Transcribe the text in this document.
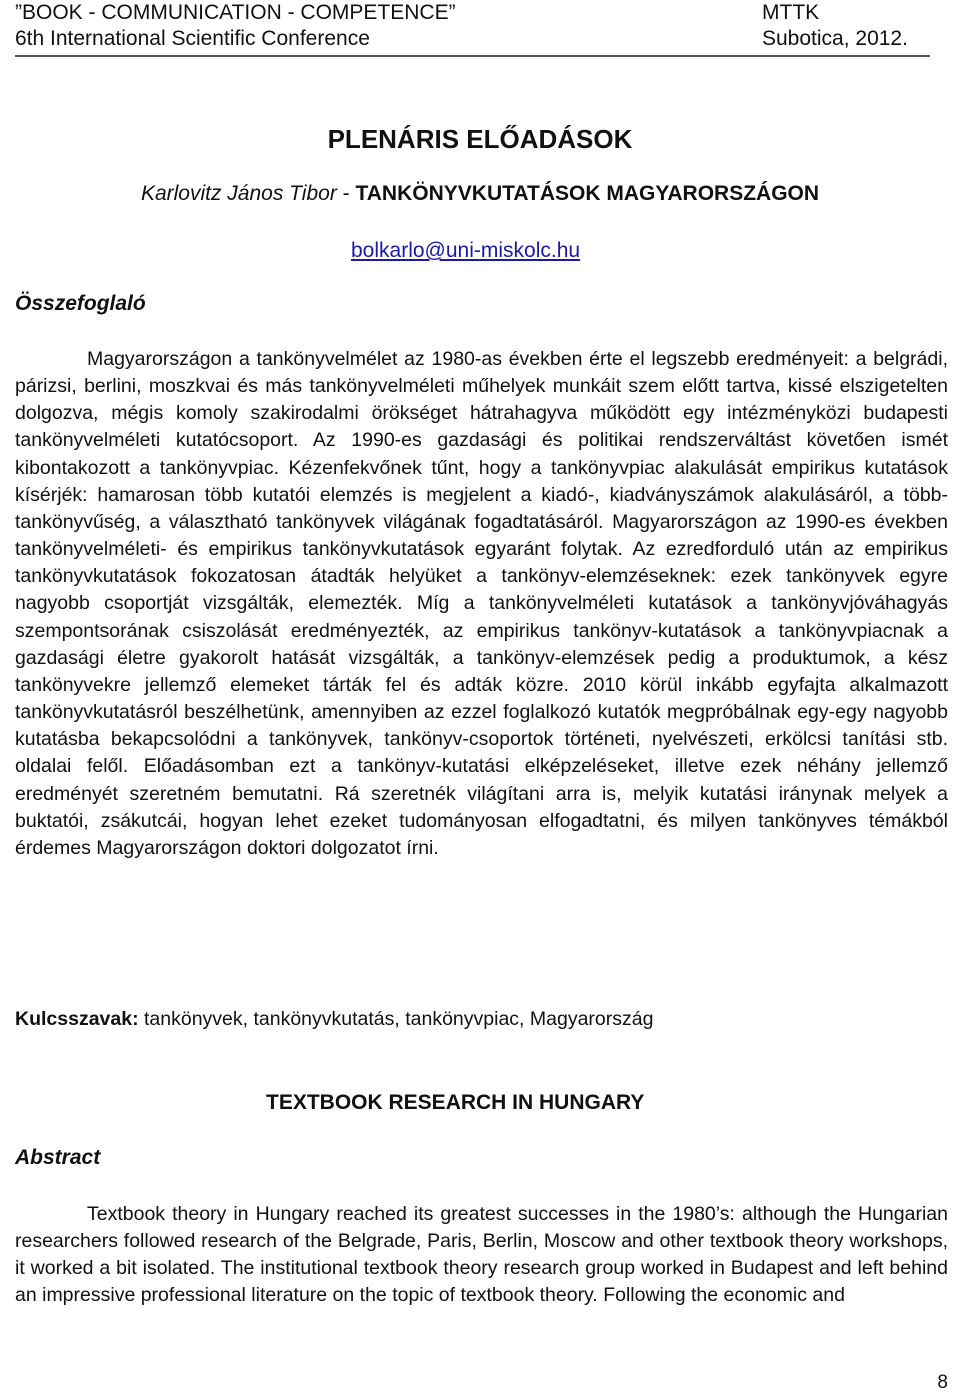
”BOOK - COMMUNICATION - COMPETENCE”	MTTK
6th International Scientific Conference	Subotica, 2012.
PLENÁRIS ELŐADÁSOK
Karlovitz János Tibor - TANKÖNYVKUTATÁSOK MAGYARORSZÁGON
bolkarlo@uni-miskolc.hu
Összefoglaló

Magyarországon a tankönyvelmélet az 1980-as években érte el legszebb eredményeit: a belgrádi, párizsi, berlini, moszkvai és más tankönyvelméleti műhelyek munkáit szem előtt tartva, kissé elszigetelten dolgozva, mégis komoly szakirodalmi örökséget hátrahagyva működött egy intézményközi budapesti tankönyvelméleti kutatócsoport. Az 1990-es gazdasági és politikai rendszerváltást követően ismét kibontakozott a tankönyvpiac. Kézenfekvőnek tűnt, hogy a tankönyvpiac alakulását empirikus kutatások kísérjék: hamarosan több kutatói elemzés is megjelent a kiadó-, kiadványszámok alakulásáról, a több-tankönyvűség, a választható tankönyvek világának fogadtatásáról. Magyarországon az 1990-es években tankönyvelméleti- és empirikus tankönyvkutatások egyaránt folytak. Az ezredforduló után az empirikus tankönyvkutatások fokozatosan átadták helyüket a tankönyv-elemzéseknek: ezek tankönyvek egyre nagyobb csoportját vizsgálták, elemezték. Míg a tankönyvelméleti kutatások a tankönyvjóváhagyás szempontsorának csiszolását eredményezték, az empirikus tankönyv-kutatások a tankönyvpiacnak a gazdasági életre gyakorolt hatását vizsgálták, a tankönyv-elemzések pedig a produktumok, a kész tankönyvekre jellemző elemeket tárták fel és adták közre. 2010 körül inkább egyfajta alkalmazott tankönyvkutatásról beszélhetünk, amennyiben az ezzel foglalkozó kutatók megpróbálnak egy-egy nagyobb kutatásba bekapcsolódni a tankönyvek, tankönyv-csoportok történeti, nyelvészeti, erkölcsi tanítási stb. oldalai felől. Előadásomban ezt a tankönyv-kutatási elképzeléseket, illetve ezek néhány jellemző eredményét szeretném bemutatni. Rá szeretnék világítani arra is, melyik kutatási iránynak melyek a buktatói, zsákutcái, hogyan lehet ezeket tudományosan elfogadtatni, és milyen tankönyves témákból érdemes Magyarországon doktori dolgozatot írni.

Kulcsszavak: tankönyvek, tankönyvkutatás, tankönyvpiac, Magyarország
TEXTBOOK RESEARCH IN HUNGARY
Abstract

Textbook theory in Hungary reached its greatest successes in the 1980’s: although the Hungarian researchers followed research of the Belgrade, Paris, Berlin, Moscow and other textbook theory workshops, it worked a bit isolated. The institutional textbook theory research group worked in Budapest and left behind an impressive professional literature on the topic of textbook theory. Following the economic and

8
